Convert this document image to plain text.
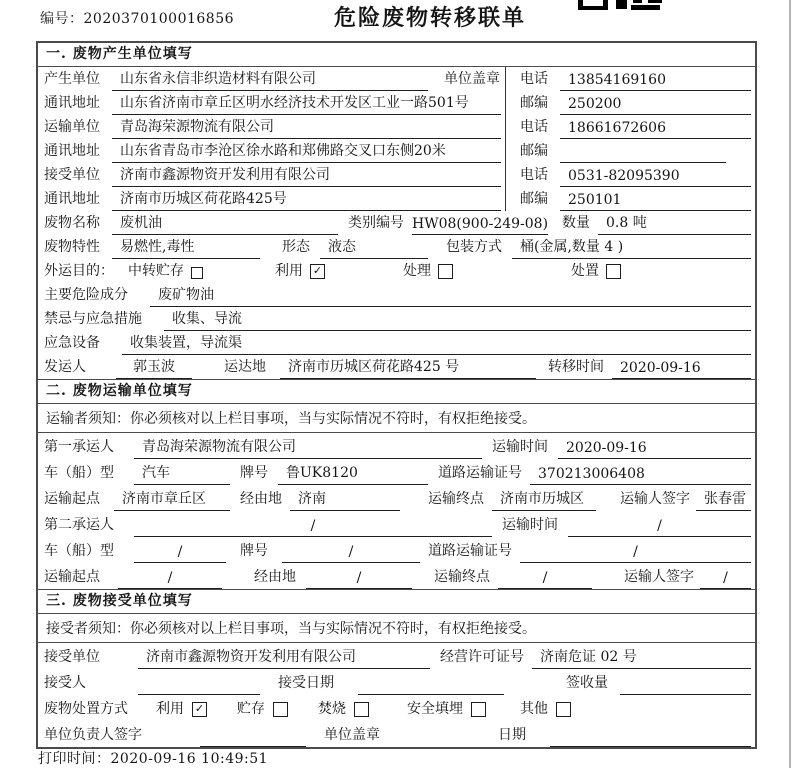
编号：2020370100016856	危险废物转移联单
一. 废物产生单位填写
产生单位	山东省永信非织造材料有限公司	单位盖章 电话	13854169160
通讯地址	山东省济南市章丘区明水经济技术开发区工业一路501号	邮编	250200
运输单位	青岛海荣源物流有限公司	电话	18661672606
通讯地址	山东省青岛市李沧区徐水路和郑佛路交叉口东侧20米	邮编
接受单位	济南市鑫源物资开发利用有限公司	电话	0531-82095390
通讯地址	济南市历城区荷花路425号	邮编	250101
废物名称	废机油	类别编号 HW08(900-249-08) 数量	0.8 吨
废物特性	易燃性,毒性	形态	液态	包装方式	桶(金属,数量 4 )
外运目的： 中转贮存	利用 ✓	处理	处置
主要危险成分	废矿物油
禁忌与应急措施	收集、导流
应急设备	收集装置，导流渠
发运人	郭玉波	运达地	济南市历城区荷花路425 号	转移时间	2020-09-16
二. 废物运输单位填写
运输者须知：你必须核对以上栏目事项，当与实际情况不符时，有权拒绝接受。
第一承运人	青岛海荣源物流有限公司	运输时间	2020-09-16
车（船）型	汽车	牌号	鲁UK8120	道路运输证号	370213006408
运输起点	济南市章丘区	经由地	济南	运输终点	济南市历城区	运输人签字	张春雷
第二承运人	/	运输时间	/
车（船）型	/	牌号	/	道路运输证号	/
运输起点	/	经由地	/	运输终点	/	运输人签字	/
三. 废物接受单位填写
接受者须知：你必须核对以上栏目事项，当与实际情况不符时，有权拒绝接受。
接受单位	济南市鑫源物资开发利用有限公司	经营许可证号	济南危证 02 号
接受人	接受日期	签收量
废物处置方式	利用 ✓ 贮存	焚烧	安全填埋	其他
单位负责人签字	单位盖章	日期
打印时间：2020-09-16 10:49:51
